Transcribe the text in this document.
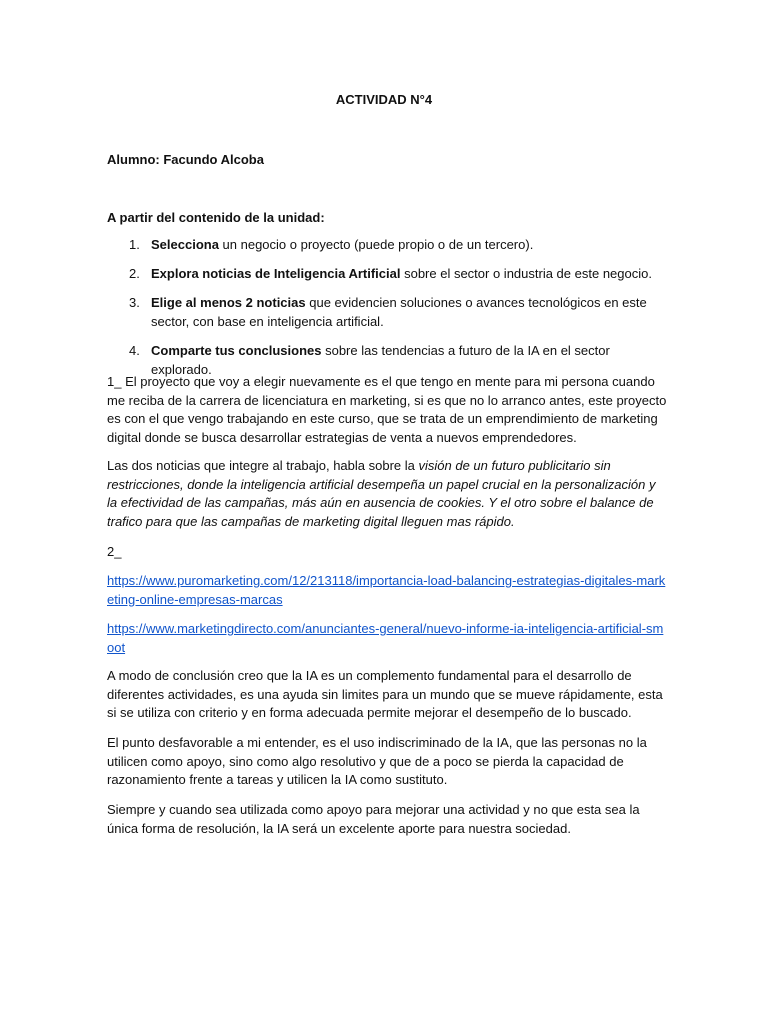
ACTIVIDAD N°4
Alumno: Facundo Alcoba
A partir del contenido de la unidad:
1. Selecciona un negocio o proyecto (puede propio o de un tercero).
2. Explora noticias de Inteligencia Artificial sobre el sector o industria de este negocio.
3. Elige al menos 2 noticias que evidencien soluciones o avances tecnológicos en este sector, con base en inteligencia artificial.
4. Comparte tus conclusiones sobre las tendencias a futuro de la IA en el sector explorado.
1_ El proyecto que voy a elegir nuevamente es el que tengo en mente para mi persona cuando me reciba de la carrera de licenciatura en marketing, si es que no lo arranco antes, este proyecto es con el que vengo trabajando en este curso, que se trata de un emprendimiento de marketing digital donde se busca desarrollar estrategias de venta a nuevos emprendedores.
Las dos noticias que integre al trabajo, habla sobre la visión de un futuro publicitario sin restricciones, donde la inteligencia artificial desempeña un papel crucial en la personalización y la efectividad de las campañas, más aún en ausencia de cookies. Y el otro sobre el balance de trafico para que las campañas de marketing digital lleguen mas rápido.
2_
https://www.puromarketing.com/12/213118/importancia-load-balancing-estrategias-digitales-marketing-online-empresas-marcas
https://www.marketingdirecto.com/anunciantes-general/nuevo-informe-ia-inteligencia-artificial-smoot
A modo de conclusión creo que la IA es un complemento fundamental para el desarrollo de diferentes actividades, es una ayuda sin limites para un mundo que se mueve rápidamente, esta si se utiliza con criterio y en forma adecuada permite mejorar el desempeño de lo buscado.
El punto desfavorable a mi entender, es el uso indiscriminado de la IA, que las personas no la utilicen como apoyo, sino como algo resolutivo y que de a poco se pierda la capacidad de razonamiento frente a tareas y utilicen la IA como sustituto.
Siempre y cuando sea utilizada como apoyo para mejorar una actividad y no que esta sea la única forma de resolución, la IA será un excelente aporte para nuestra sociedad.
